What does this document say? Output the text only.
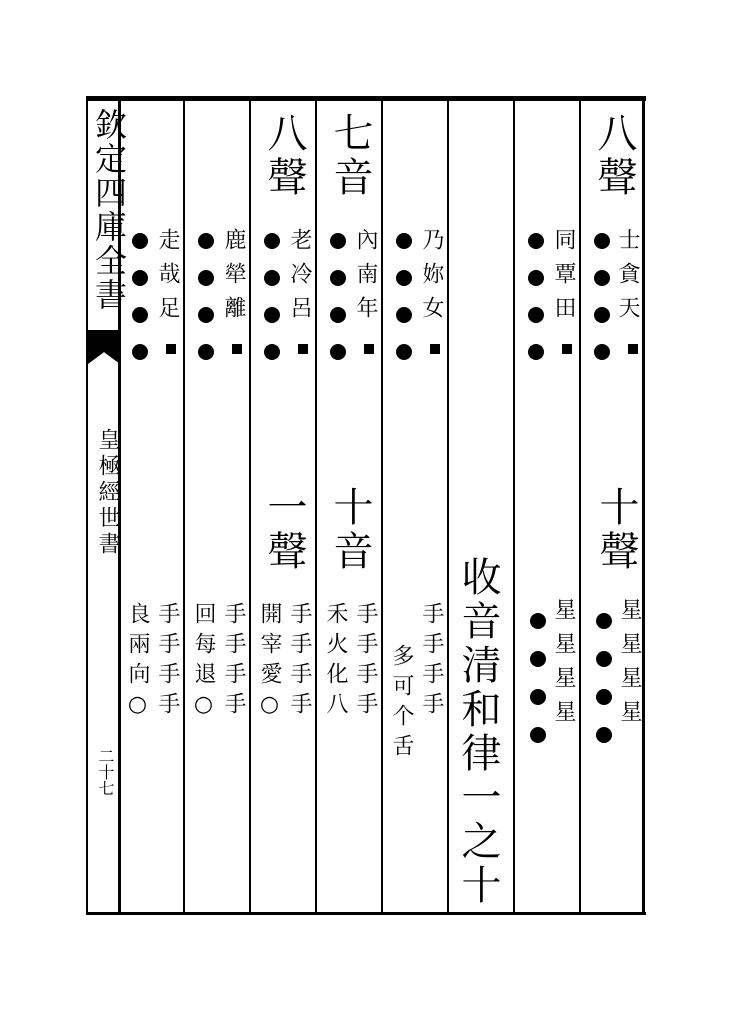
欽定四庫全書
皇極經世書
二十七
八聲
士貪天
十聲
星星星星
同覃田
星星星星
收音清和律一之十
乃妳女
手手手手
多可个舌
七音
內南年
十音
手手手手
禾火化八
八聲
老冷呂
一聲
手手手手
開宰愛○
鹿犖離
手手手手
回每退○
走哉足
手手手手
良兩向○
